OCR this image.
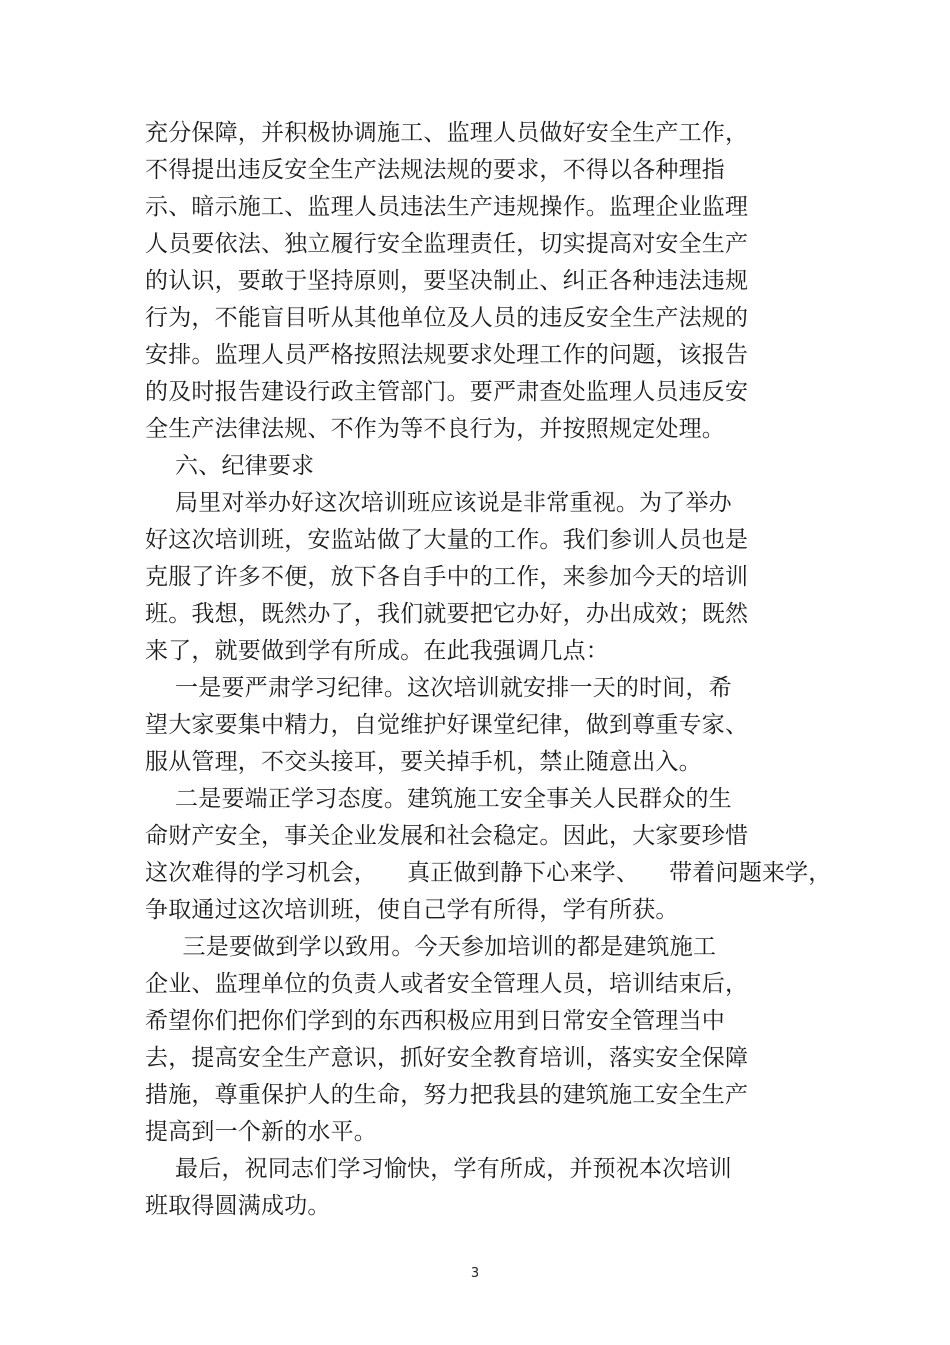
充分保障，并积极协调施工、监理人员做好安全生产工作，
不得提出违反安全生产法规法规的要求，不得以各种理指
示、暗示施工、监理人员违法生产违规操作。监理企业监理
人员要依法、独立履行安全监理责任，切实提高对安全生产
的认识，要敢于坚持原则，要坚决制止、纠正各种违法违规
行为，不能盲目听从其他单位及人员的违反安全生产法规的
安排。监理人员严格按照法规要求处理工作的问题，该报告
的及时报告建设行政主管部门。要严肃查处监理人员违反安
全生产法律法规、不作为等不良行为，并按照规定处理。
六、纪律要求
局里对举办好这次培训班应该说是非常重视。为了举办
好这次培训班，安监站做了大量的工作。我们参训人员也是
克服了许多不便，放下各自手中的工作，来参加今天的培训
班。我想，既然办了，我们就要把它办好，办出成效；既然
来了，就要做到学有所成。在此我强调几点：
一是要严肃学习纪律。这次培训就安排一天的时间，希
望大家要集中精力，自觉维护好课堂纪律，做到尊重专家、
服从管理，不交头接耳，要关掉手机，禁止随意出入。
二是要端正学习态度。建筑施工安全事关人民群众的生
命财产安全，事关企业发展和社会稳定。因此，大家要珍惜
这次难得的学习机会，    真正做到静下心来学、    带着问题来学，
争取通过这次培训班，使自己学有所得，学有所获。
三是要做到学以致用。今天参加培训的都是建筑施工
企业、监理单位的负责人或者安全管理人员，培训结束后，
希望你们把你们学到的东西积极应用到日常安全管理当中
去，提高安全生产意识，抓好安全教育培训，落实安全保障
措施，尊重保护人的生命，努力把我县的建筑施工安全生产
提高到一个新的水平。
最后，祝同志们学习愉快，学有所成，并预祝本次培训
班取得圆满成功。
3
